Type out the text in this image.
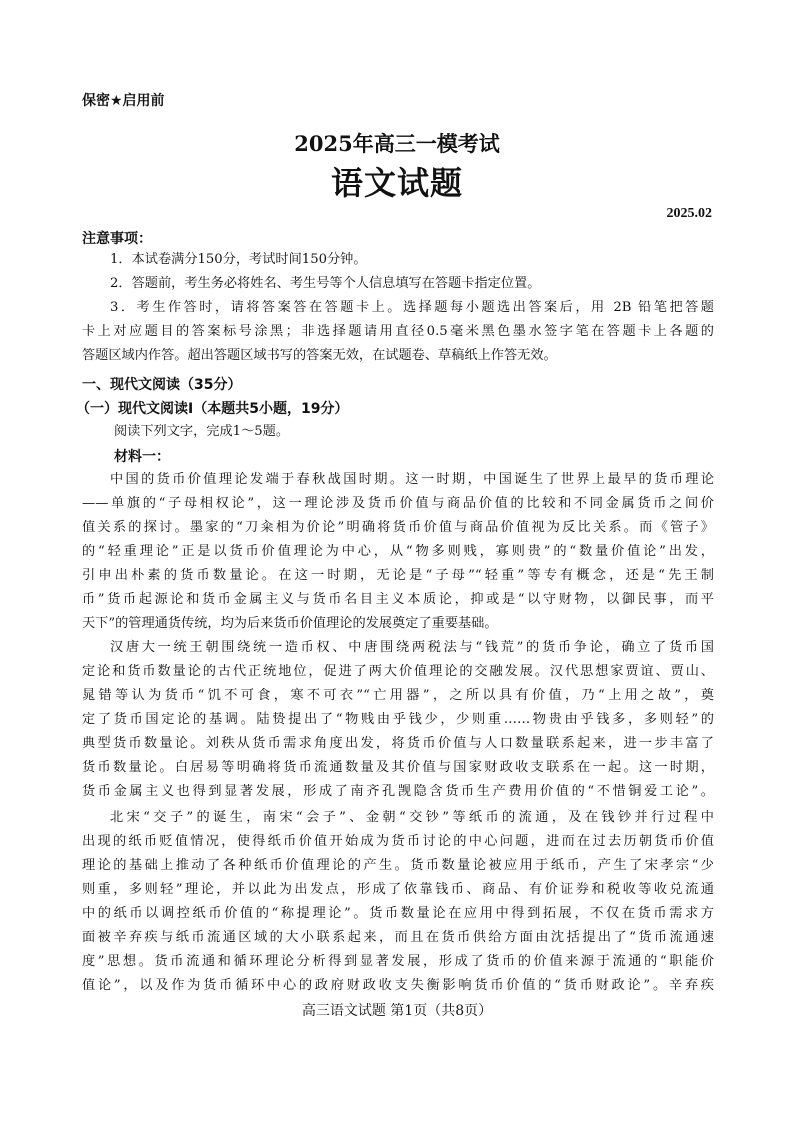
保密★启用前
2025年高三一模考试
语文试题
2025.02
注意事项：
1．本试卷满分150分，考试时间150分钟。
2．答题前，考生务必将姓名、考生号等个人信息填写在答题卡指定位置。
3．考生作答时，请将答案答在答题卡上。选择题每小题选出答案后，用 2B 铅笔把答题
卡上对应题目的答案标号涂黑；非选择题请用直径0.5毫米黑色墨水签字笔在答题卡上各题的
答题区域内作答。超出答题区域书写的答案无效，在试题卷、草稿纸上作答无效。
一、现代文阅读（35分）
（一）现代文阅读Ⅰ（本题共5小题，19分）
阅读下列文字，完成1～5题。
材料一：
中国的货币价值理论发端于春秋战国时期。这一时期，中国诞生了世界上最早的货币理论
——单旗的“子母相权论”，这一理论涉及货币价值与商品价值的比较和不同金属货币之间价
值关系的探讨。墨家的“刀籴相为价论”明确将货币价值与商品价值视为反比关系。而《管子》
的“轻重理论”正是以货币价值理论为中心，从“物多则贱，寡则贵”的“数量价值论”出发，
引申出朴素的货币数量论。在这一时期，无论是“子母”“轻重”等专有概念，还是“先王制
币”货币起源论和货币金属主义与货币名目主义本质论，抑或是“以守财物，以御民事，而平
天下”的管理通货传统，均为后来货币价值理论的发展奠定了重要基础。
汉唐大一统王朝围绕统一造币权、中唐围绕两税法与“钱荒”的货币争论，确立了货币国
定论和货币数量论的古代正统地位，促进了两大价值理论的交融发展。汉代思想家贾谊、贾山、
晁错等认为货币“饥不可食，寒不可衣”“亡用器”，之所以具有价值，乃“上用之故”，奠
定了货币国定论的基调。陆贽提出了“物贱由乎钱少，少则重……物贵由乎钱多，多则轻”的
典型货币数量论。刘秩从货币需求角度出发，将货币价值与人口数量联系起来，进一步丰富了
货币数量论。白居易等明确将货币流通数量及其价值与国家财政收支联系在一起。这一时期，
货币金属主义也得到显著发展，形成了南齐孔觊隐含货币生产费用价值的“不惜铜爱工论”。
北宋“交子”的诞生，南宋“会子”、金朝“交钞”等纸币的流通，及在钱钞并行过程中
出现的纸币贬值情况，使得纸币价值开始成为货币讨论的中心问题，进而在过去历朝货币价值
理论的基础上推动了各种纸币价值理论的产生。货币数量论被应用于纸币，产生了宋孝宗“少
则重，多则轻”理论，并以此为出发点，形成了依靠钱币、商品、有价证券和税收等收兑流通
中的纸币以调控纸币价值的“称提理论”。货币数量论在应用中得到拓展，不仅在货币需求方
面被辛弃疾与纸币流通区域的大小联系起来，而且在货币供给方面由沈括提出了“货币流通速
度”思想。货币流通和循环理论分析得到显著发展，形成了货币的价值来源于流通的“职能价
值论”，以及作为货币循环中心的政府财政收支失衡影响货币价值的“货币财政论”。辛弃疾
高三语文试题 第1页（共8页）
